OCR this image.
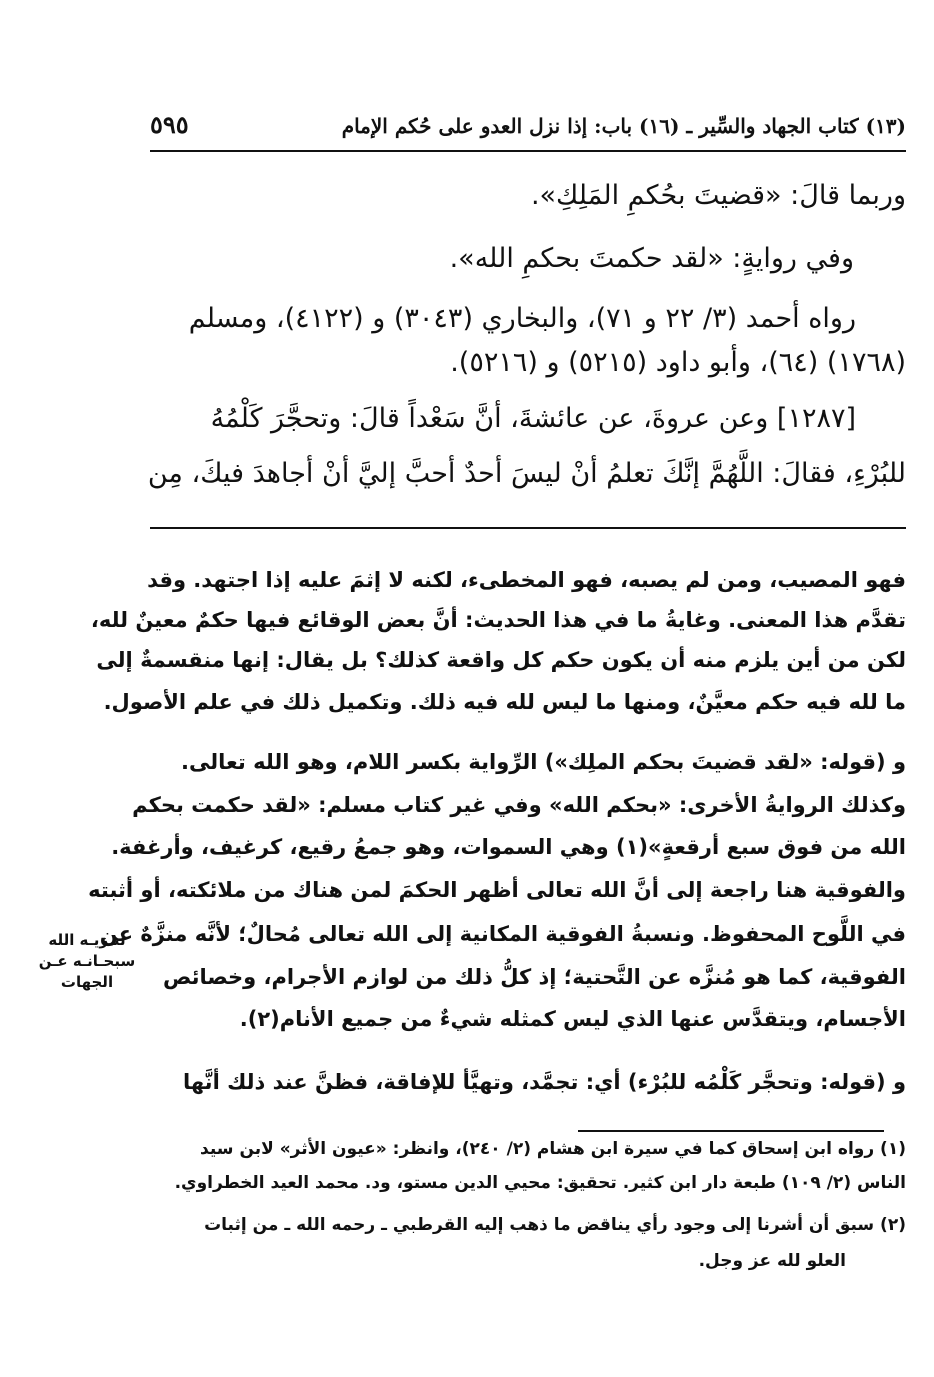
(١٣) كتاب الجهاد والسِّير ـ (١٦) باب: إذا نزل العدو على حُكم الإمام
٥٩٥
وربما قالَ: «قضيتَ بحُكمِ المَلِكِ».
وفي روايةٍ: «لقد حكمتَ بحكمِ الله».
رواه أحمد (٣/ ٢٢ و ٧١)، والبخاري (٣٠٤٣) و (٤١٢٢)، ومسلم
(١٧٦٨) (٦٤)، وأبو داود (٥٢١٥) و (٥٢١٦).
[١٢٨٧] وعن عروةَ، عن عائشةَ، أنَّ سَعْداً قالَ: وتحجَّرَ كَلْمُهُ
للبُرْءِ، فقالَ: اللَّهُمَّ إنَّكَ تعلمُ أنْ ليسَ أحدٌ أحبَّ إليَّ أنْ أجاهدَ فيكَ، مِن
فهو المصيب، ومن لم يصبه، فهو المخطىء، لكنه لا إثمَ عليه إذا اجتهد. وقد
تقدَّم هذا المعنى. وغايةُ ما في هذا الحديث: أنَّ بعض الوقائع فيها حكمٌ معينٌ لله،
لكن من أين يلزم منه أن يكون حكم كل واقعة كذلك؟ بل يقال: إنها منقسمةٌ إلى
ما لله فيه حكم معيَّنٌ، ومنها ما ليس لله فيه ذلك. وتكميل ذلك في علم الأصول.
و (قوله: «لقد قضيتَ بحكم الملِك») الرِّواية بكسر اللام، وهو الله تعالى.
وكذلك الروايةُ الأخرى: «بحكم الله» وفي غير كتاب مسلم: «لقد حكمت بحكم
الله من فوق سبع أرقعةٍ»(١) وهي السموات، وهو جمعُ رقيع، كرغيف، وأرغفة.
والفوقية هنا راجعة إلى أنَّ الله تعالى أظهر الحكمَ لمن هناك من ملائكته، أو أثبته
في اللَّوح المحفوظ. ونسبةُ الفوقية المكانية إلى الله تعالى مُحالٌ؛ لأنَّه منزَّهٌ عن
الفوقية، كما هو مُنزَّه عن التَّحتية؛ إذ كلُّ ذلك من لوازم الأجرام، وخصائص
الأجسام، ويتقدَّس عنها الذي ليس كمثله شيءٌ من جميع الأنام(٢).
و (قوله: وتحجَّر كَلْمُه للبُرْء) أي: تجمَّد، وتهيَّأ للإفاقة، فظنَّ عند ذلك أنَّها
تنـزيـه الله سبحـانـه عـن الجهات
(١) رواه ابن إسحاق كما في سيرة ابن هشام (٢/ ٢٤٠)، وانظر: «عيون الأثر» لابن سيد
الناس (٢/ ١٠٩) طبعة دار ابن كثير. تحقيق: محيي الدين مستو، ود. محمد العيد الخطراوي.
(٢) سبق أن أشرنا إلى وجود رأي يناقض ما ذهب إليه القرطبي ـ رحمه الله ـ من إثبات
العلو لله عز وجل.
